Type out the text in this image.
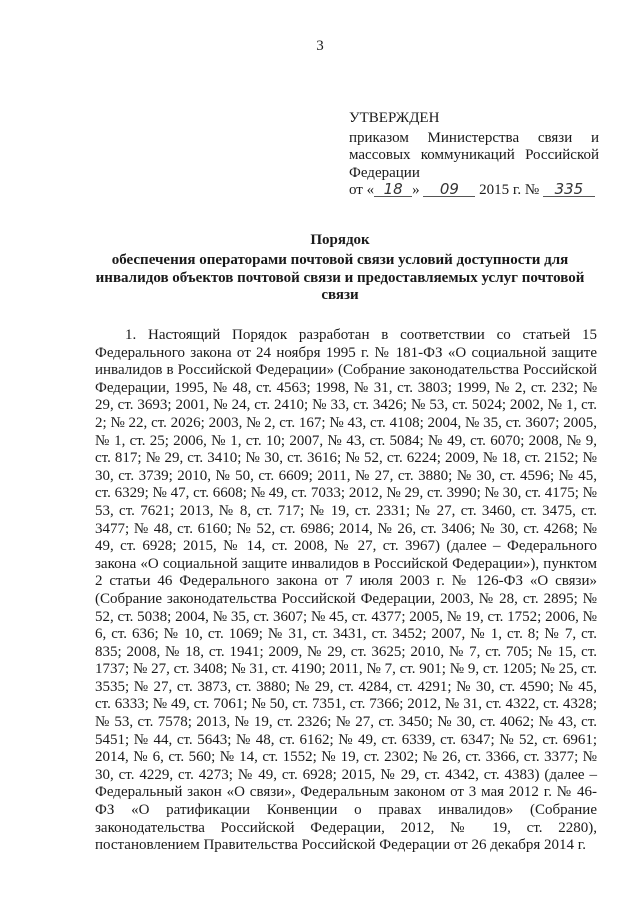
3
УТВЕРЖДЕН
приказом Министерства связи и массовых коммуникаций Российской Федерации
от « 18 » 09 2015 г. № 335
Порядок
обеспечения операторами почтовой связи условий доступности для инвалидов объектов почтовой связи и предоставляемых услуг почтовой связи
1. Настоящий Порядок разработан в соответствии со статьей 15 Федерального закона от 24 ноября 1995 г. № 181-ФЗ «О социальной защите инвалидов в Российской Федерации» (Собрание законодательства Российской Федерации, 1995, № 48, ст. 4563; 1998, № 31, ст. 3803; 1999, № 2, ст. 232; № 29, ст. 3693; 2001, № 24, ст. 2410; № 33, ст. 3426; № 53, ст. 5024; 2002, № 1, ст. 2; № 22, ст. 2026; 2003, № 2, ст. 167; № 43, ст. 4108; 2004, № 35, ст. 3607; 2005, № 1, ст. 25; 2006, № 1, ст. 10; 2007, № 43, ст. 5084; № 49, ст. 6070; 2008, № 9, ст. 817; № 29, ст. 3410; № 30, ст. 3616; № 52, ст. 6224; 2009, № 18, ст. 2152; № 30, ст. 3739; 2010, № 50, ст. 6609; 2011, № 27, ст. 3880; № 30, ст. 4596; № 45, ст. 6329; № 47, ст. 6608; № 49, ст. 7033; 2012, № 29, ст. 3990; № 30, ст. 4175; № 53, ст. 7621; 2013, № 8, ст. 717; № 19, ст. 2331; № 27, ст. 3460, ст. 3475, ст. 3477; № 48, ст. 6160; № 52, ст. 6986; 2014, № 26, ст. 3406; № 30, ст. 4268; № 49, ст. 6928; 2015, № 14, ст. 2008, № 27, ст. 3967) (далее – Федерального закона «О социальной защите инвалидов в Российской Федерации»), пунктом 2 статьи 46 Федерального закона от 7 июля 2003 г. № 126-ФЗ «О связи» (Собрание законодательства Российской Федерации, 2003, № 28, ст. 2895; № 52, ст. 5038; 2004, № 35, ст. 3607; № 45, ст. 4377; 2005, № 19, ст. 1752; 2006, № 6, ст. 636; № 10, ст. 1069; № 31, ст. 3431, ст. 3452; 2007, № 1, ст. 8; № 7, ст. 835; 2008, № 18, ст. 1941; 2009, № 29, ст. 3625; 2010, № 7, ст. 705; № 15, ст. 1737; № 27, ст. 3408; № 31, ст. 4190; 2011, № 7, ст. 901; № 9, ст. 1205; № 25, ст. 3535; № 27, ст. 3873, ст. 3880; № 29, ст. 4284, ст. 4291; № 30, ст. 4590; № 45, ст. 6333; № 49, ст. 7061; № 50, ст. 7351, ст. 7366; 2012, № 31, ст. 4322, ст. 4328; № 53, ст. 7578; 2013, № 19, ст. 2326; № 27, ст. 3450; № 30, ст. 4062; № 43, ст. 5451; № 44, ст. 5643; № 48, ст. 6162; № 49, ст. 6339, ст. 6347; № 52, ст. 6961; 2014, № 6, ст. 560; № 14, ст. 1552; № 19, ст. 2302; № 26, ст. 3366, ст. 3377; № 30, ст. 4229, ст. 4273; № 49, ст. 6928; 2015, № 29, ст. 4342, ст. 4383) (далее – Федеральный закон «О связи», Федеральным законом от 3 мая 2012 г. № 46-ФЗ «О ратификации Конвенции о правах инвалидов» (Собрание законодательства Российской Федерации, 2012, № 19, ст. 2280), постановлением Правительства Российской Федерации от 26 декабря 2014 г.
